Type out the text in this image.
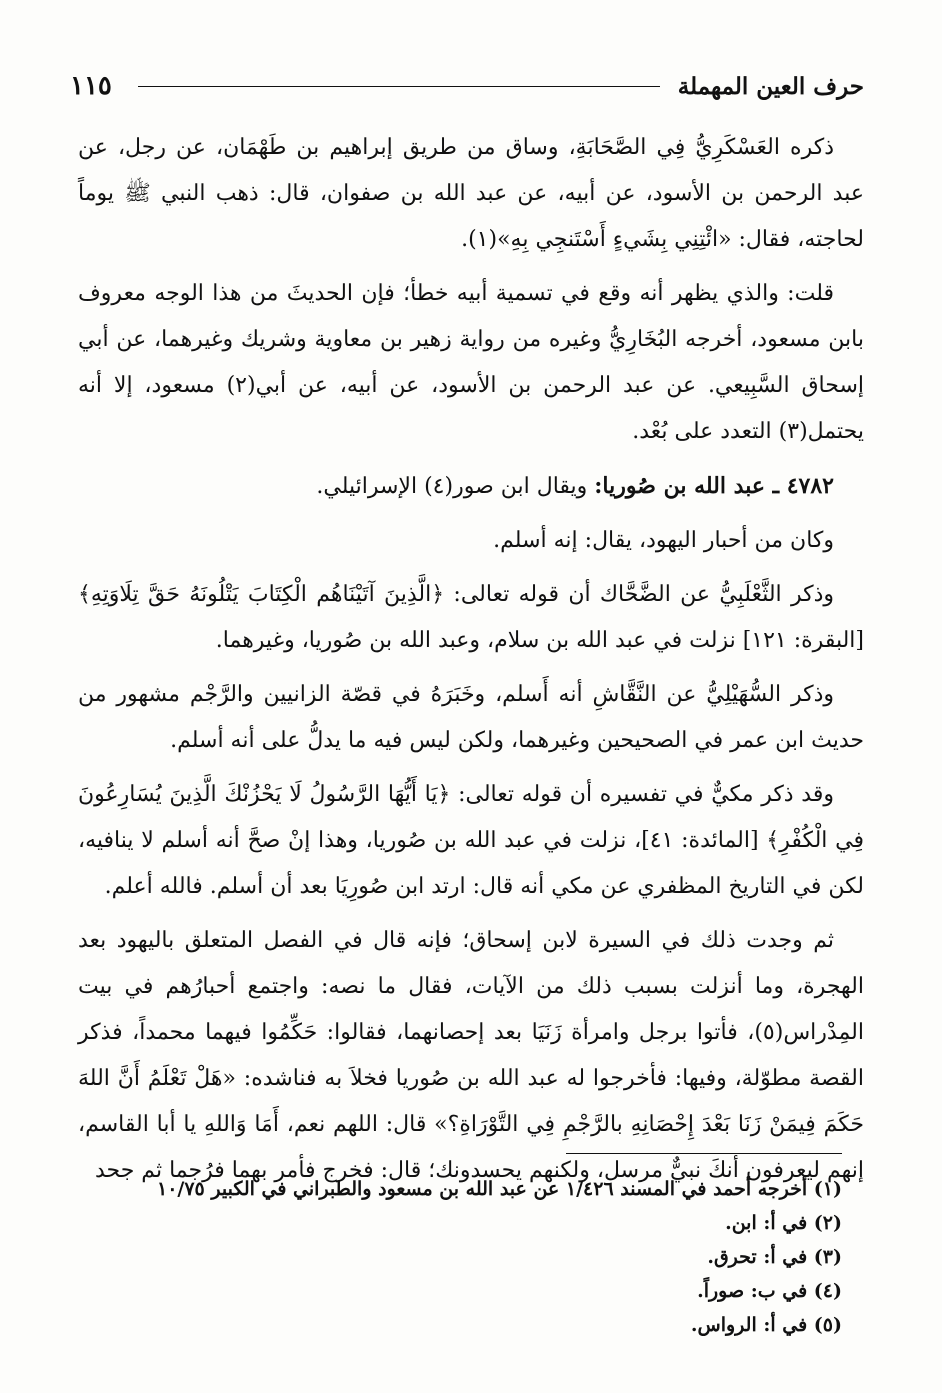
حرف العين المهملة
١١٥

ذكره العَسْكَرِيُّ فِي الصَّحَابَةِ، وساق من طريق إبراهيم بن طَهْمَان، عن رجل، عن عبد الرحمن بن الأسود، عن أبيه، عن عبد الله بن صفوان، قال: ذهب النبي ﷺ يوماً لحاجته، فقال: «ائْتِنِي بِشَيءٍ أَسْتَنجِي بِهِ»(١).

قلت: والذي يظهر أنه وقع في تسمية أبيه خطأ؛ فإن الحديثَ من هذا الوجه معروف بابن مسعود، أخرجه البُخَارِيُّ وغيره من رواية زهير بن معاوية وشريك وغيرهما، عن أبي إسحاق السَّبِيعي. عن عبد الرحمن بن الأسود، عن أبيه، عن أبي(٢) مسعود، إلا أنه يحتمل(٣) التعدد على بُعْد.

٤٧٨٢ ـ عبد الله بن صُوريا: ويقال ابن صور(٤) الإسرائيلي.

وكان من أحبار اليهود، يقال: إنه أسلم.

وذكر الثَّعْلَبِيُّ عن الضَّحَّاك أن قوله تعالى: ﴿الَّذِينَ آتَيْنَاهُم الْكِتَابَ يَتْلُونَهُ حَقَّ تِلَاوَتِهِ﴾ [البقرة: ١٢١] نزلت في عبد الله بن سلام، وعبد الله بن صُوريا، وغيرهما.

وذكر السُّهَيْلِيُّ عن النَّقَّاشِ أنه أَسلم، وخَبَرَهُ في قصّة الزانيين والرَّجْم مشهور من حديث ابن عمر في الصحيحين وغيرهما، ولكن ليس فيه ما يدلُّ على أنه أسلم.

وقد ذكر مكيٌّ في تفسيره أن قوله تعالى: ﴿يَا أَيُّهَا الرَّسُولُ لَا يَحْزُنْكَ الَّذِينَ يُسَارِعُونَ فِي الْكُفْرِ﴾ [المائدة: ٤١]، نزلت في عبد الله بن صُوريا، وهذا إنْ صحَّ أنه أسلم لا ينافيه، لكن في التاريخ المظفري عن مكي أنه قال: ارتد ابن صُورِيَا بعد أن أسلم. فالله أعلم.

ثم وجدت ذلك في السيرة لابن إسحاق؛ فإنه قال في الفصل المتعلق باليهود بعد الهجرة، وما أنزلت بسبب ذلك من الآيات، فقال ما نصه: واجتمع أحبارُهم في بيت المِدْراس(٥)، فأتوا برجل وامرأة زَنَيَا بعد إحصانهما، فقالوا: حَكِّمُوا فيهما محمداً، فذكر القصة مطوّلة، وفيها: فأخرجوا له عبد الله بن صُوريا فخلاَ به فناشده: «هَلْ تَعْلَمُ أَنَّ اللهَ حَكَمَ فِيمَنْ زَنَا بَعْدَ إِحْصَانِهِ بالرَّجْمِ فِي التَّوْرَاةِ؟» قال: اللهم نعم، أَمَا وَاللهِ يا أبا القاسم، إنهم ليعرفون أنكَ نبيٌّ مرسل، ولكنهم يحسدونك؛ قال: فخرج فأمر بهما فرُجما ثم جحد

(١) أخرجه أحمد في المسند ١/٤٢٦ عن عبد الله بن مسعود والطبراني في الكبير ١٠/٧٥
(٢) في أ: ابن.
(٣) في أ: تحرق.
(٤) في ب: صوراً.
(٥) في أ: الرواس.
